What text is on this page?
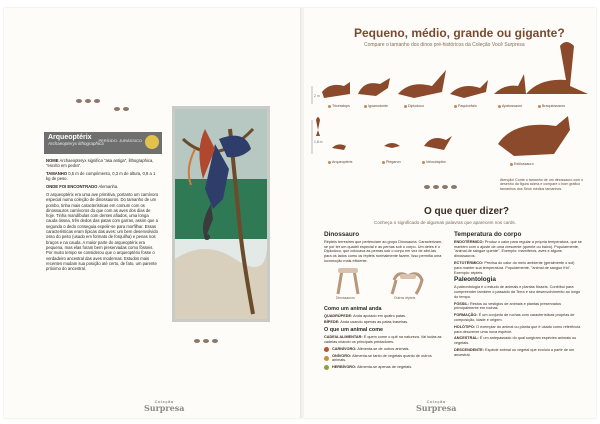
Arqueoptérix
Archaeopteryx lithographica
PERÍODO: JURÁSSICO

NOME Archaeopteryx significa "asa antiga", lithographica, "escrito em pedra".

TAMANHO 0,5 m de comprimento, 0,3 m de altura, 0,8 a 1 kg de peso.

ONDE FOI ENCONTRADO Alemanha.

O arqueoptérix era uma ave primitiva, portanto um carnívoro especial numa coleção de dinossauros. Do tamanho de um pombo, tinha mais características em comum com os dinossauros carnívoros do que com as aves dos dias de hoje. Tinha mandíbulas com dentes afiados, uma longa cauda óssea, três dedos das patas com garras, assim que a segunda o dedo conseguia expelir-se para morfilhar. Essas características eram típicas das aves: um bem desenvolvido osso do peito (usado em formato de forquilha) e penas nos braços e na cauda. A maior parte do arqueoptérix era pequena, mas elas foram bem preservadas como fósseis. Por muito tempo se considerou que o arqueoptérix fosse o verdadeiro ancestral das aves modernas. Estudos mais recentes mudam sua posição até certo, de fato, um parente próximo do ancestral.

Coleção
Surpresa
Pequeno, médio, grande ou gigante?
Compare o tamanho dos dinos pré-históricos da Coleção Você Surpresa
2 m
1,8 m
Triceratops	Iguanodonte	Diplodoco	Paquicefalo	Apatossauro	Braquiossauro
Arqueoptérix	Ptegaron	Velocirápitor	Estilossauro
Atenção! Conte o tamanho de um dinossauro com o desenho da figura acima e compare o bom gráfico tamanhos dos Seus médios tamanhos.
O que quer dizer?
Conheça o significado de algumas palavras que aparecem nos cards.
Dinossauro

Répteis terrestres que pertenciam ao grupo Dinosauria. Caracterizam-se por ter um quadril especial e as pernas sob o corpo. Um deles é o Diplodoco, que colocava as pernas sob o corpo em vez de abri-las para os lados como os répteis normalmente fazem. Isso permitia uma locomoção mais eficiente.

Dinossauros	Outros répteis
Como um animal anda

QUADRÚPEDE: Anda apoiado em quatro patas.

BÍPEDE: Anda usando apenas as patas traseiras.

O que um animal come

CADEIA ALIMENTAR: É quem come o quê na natureza. Vai todas as cadeias criando os principais predadores.

CARNÍVORO: Alimenta-se de outros animais.
ONÍVORO: Alimenta-se tanto de vegetais quanto de outros animais.
HERBÍVORO: Alimenta-se apenas de vegetais.
Temperatura do corpo

ENDOTÉRMICO: Produz o calor para regular a própria temperatura, que se mantém com o ajuste de uma crescente (quente ou baixo). Popularmente, "animal de sangue quente". Exemplo: mamíferos, aves e alguns dinossauros.

ECTOTÉRMICO: Precisa do calor do meio ambiente (geralmente o sol) para manter sua temperatura. Popularmente, "animal de sangue frio". Exemplo: répteis.

Paleontologia

A paleontologia é o estudo de animais e plantas fósseis. Contribui para compreender também o passado da Terra e seu desenvolvimento ao longo do tempo.

FÓSSIL: Restos ou vestígios de animais e plantas preservados principalmente em rochas.

FORMAÇÃO: É um conjunto de rochas com características próprias de composição, idade e origem.

HOLÓTIPO: O exemplar do animal ou planta que é usado como referência para descrever uma nova espécie.

ANCESTRAL: É um antepassado do qual surgiram espécies animais ou vegetais.

DESCENDENTE: Espécie animal ou vegetal que evoluiu a partir de um ancestral.

Coleção
Surpresa
